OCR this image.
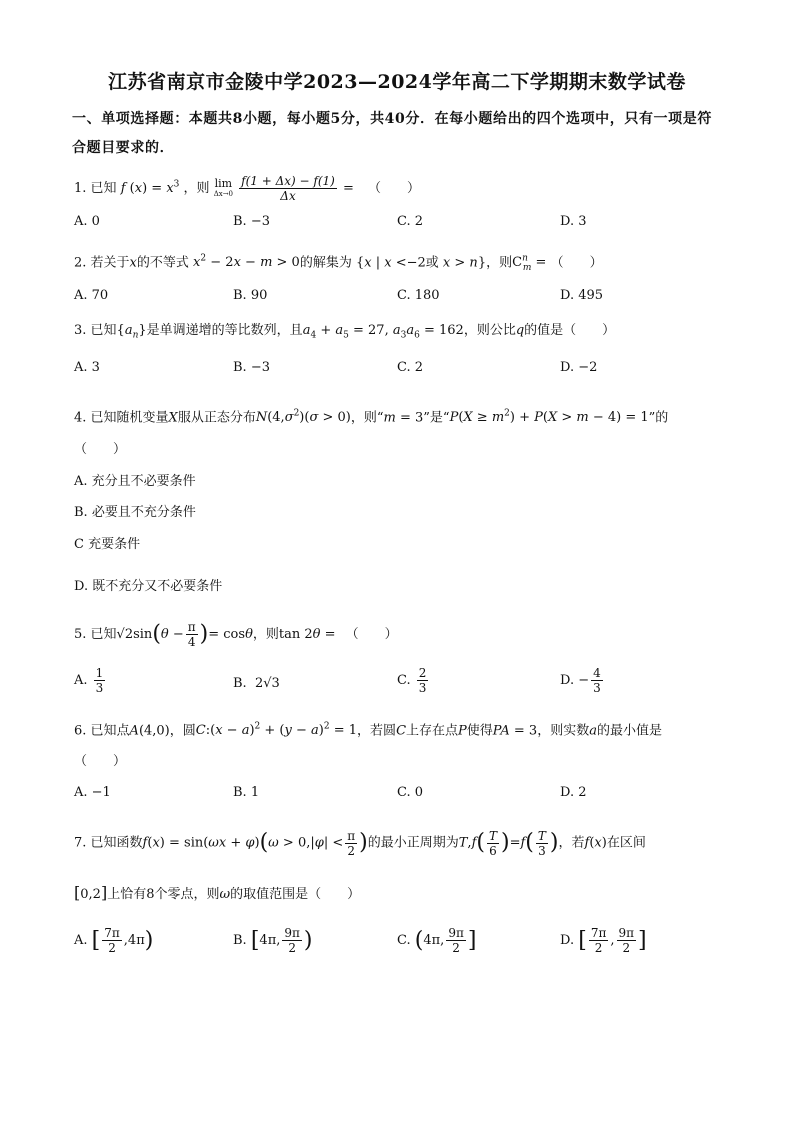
江苏省南京市金陵中学2023—2024学年高二下学期期末数学试卷
一、单项选择题：本题共8小题，每小题5分，共40分．在每小题给出的四个选项中，只有一项是符合题目要求的．
1. 已知 f $(x) = x^3$ ，则 lim
Δx→0
$\frac{f(1 + \Delta x) - f(1)}{\Delta x}$ = （　　）
A. 0	B. −3	C. 2	D. 3
2. 若关于x的不等式 $x^2 - 2x - m > 0$的解集为 {x | x <−2或 x > n}，则$C^n_m$ = （　　）
A. 70	B. 90	C. 180	D. 495
3. 已知$\{a_n\}$是单调递增的等比数列，且$a_4 + a_5 = 27$, $a_3a_6 = 162$，则公比q的值是（　　）
A. 3	B. −3	C. 2	D. −2
4. 已知随机变量X服从正态分布$N(4,\sigma^2)(\sigma > 0)$，则“m = 3”是“$P(X \ge m^2) + P(X > m - 4) = 1$”的
（　　）
A. 充分且不必要条件
B. 必要且不充分条件
C 充要条件
D. 既不充分又不必要条件
5. 已知$√2\sin(\theta - \frac{\pi}{4}$ )= cosθ，则tan 2θ = （　　）
A. $\frac{1}{3}$	B.  2√3	C. $\frac{2}{3}$	D. − $\frac{4}{3}$
6. 已知点A(4,0)，圆C:(x − $a)^2 + (y - a)^2 = 1$，若圆C上存在点P使得PA = 3，则实数a的最小值是
（　　）
A. −1	B. 1	C. 0	D. 2
7. 已知函数$f(x) = \sin(\omega x + \varphi)(\omega > 0,|\varphi| < \frac{\pi}{2}$ )的最小正周期为$T,f( \frac{T}{6} )=f( \frac{T}{3}$ )，若f(x)在区间
[0,2]上恰有8个零点，则ω的取值范围是（　　）
A. [ $\frac{7\pi}{2} ,4\pi$)	B. [4π, $\frac{9\pi}{2}$ )	C. (4π, $\frac{9\pi}{2}$ ]	D. [ $\frac{7\pi}{2}$ , $\frac{9\pi}{2}$ ]
